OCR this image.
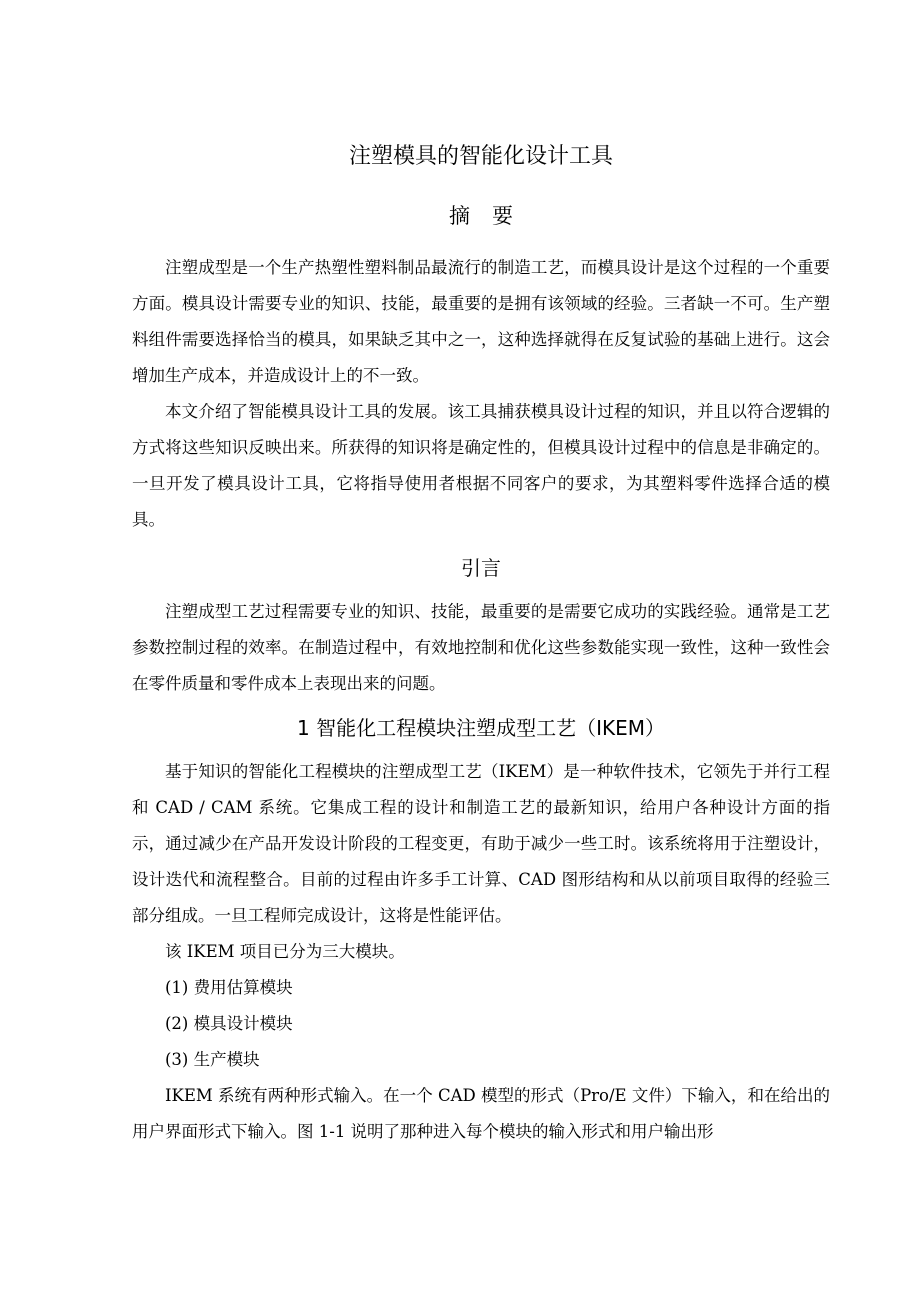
注塑模具的智能化设计工具
摘要

注塑成型是一个生产热塑性塑料制品最流行的制造工艺，而模具设计是这个过程的一个重要方面。模具设计需要专业的知识、技能，最重要的是拥有该领域的经验。三者缺一不可。生产塑料组件需要选择恰当的模具，如果缺乏其中之一，这种选择就得在反复试验的基础上进行。这会增加生产成本，并造成设计上的不一致。

本文介绍了智能模具设计工具的发展。该工具捕获模具设计过程的知识，并且以符合逻辑的方式将这些知识反映出来。所获得的知识将是确定性的，但模具设计过程中的信息是非确定的。一旦开发了模具设计工具，它将指导使用者根据不同客户的要求，为其塑料零件选择合适的模具。

引言

注塑成型工艺过程需要专业的知识、技能，最重要的是需要它成功的实践经验。通常是工艺参数控制过程的效率。在制造过程中，有效地控制和优化这些参数能实现一致性，这种一致性会在零件质量和零件成本上表现出来的问题。

1 智能化工程模块注塑成型工艺（IKEM）

基于知识的智能化工程模块的注塑成型工艺（IKEM）是一种软件技术，它领先于并行工程和 CAD / CAM 系统。它集成工程的设计和制造工艺的最新知识，给用户各种设计方面的指示，通过减少在产品开发设计阶段的工程变更，有助于减少一些工时。该系统将用于注塑设计，设计迭代和流程整合。目前的过程由许多手工计算、CAD 图形结构和从以前项目取得的经验三部分组成。一旦工程师完成设计，这将是性能评估。

该 IKEM 项目已分为三大模块。

(1) 费用估算模块

(2) 模具设计模块

(3) 生产模块

IKEM 系统有两种形式输入。在一个 CAD 模型的形式（Pro/E 文件）下输入，和在给出的用户界面形式下输入。图 1-1 说明了那种进入每个模块的输入形式和用户输出形
